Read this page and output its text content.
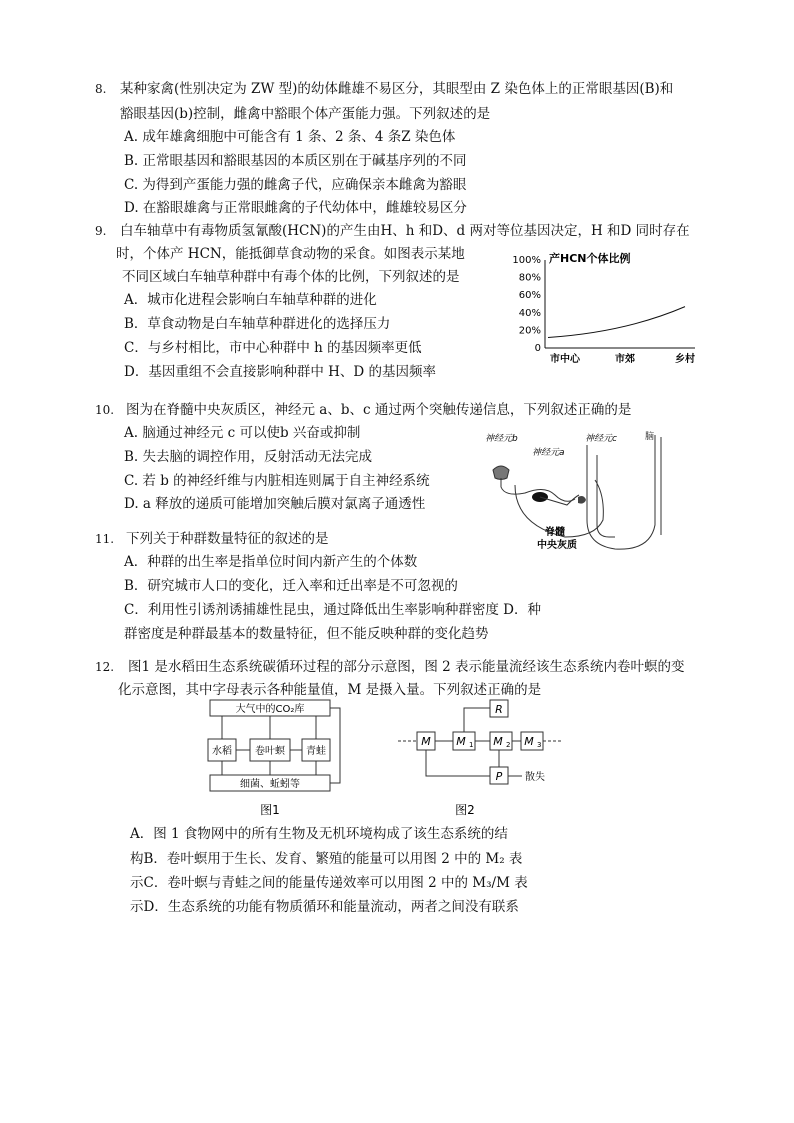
8. 某种家禽(性别决定为 ZW 型)的幼体雌雄不易区分，其眼型由 Z 染色体上的正常眼基因(B)和
豁眼基因(b)控制，雌禽中豁眼个体产蛋能力强。下列叙述的是
A. 成年雄禽细胞中可能含有 1 条、2 条、4 条Z 染色体
B. 正常眼基因和豁眼基因的本质区别在于碱基序列的不同
C. 为得到产蛋能力强的雌禽子代，应确保亲本雌禽为豁眼
D. 在豁眼雄禽与正常眼雌禽的子代幼体中，雌雄较易区分
9. 白车轴草中有毒物质氢氰酸(HCN)的产生由H、h 和D、d 两对等位基因决定，H 和D 同时存在
时，个体产 HCN，能抵御草食动物的采食。如图表示某地
不同区域白车轴草种群中有毒个体的比例，下列叙述的是
A．城市化进程会影响白车轴草种群的进化
B．草食动物是白车轴草种群进化的选择压力
C．与乡村相比，市中心种群中 h 的基因频率更低
D．基因重组不会直接影响种群中 H、D 的基因频率
产HCN个体比例
100%
80%
60%
40%
20%
0
市中心	市郊	乡村
10. 图为在脊髓中央灰质区，神经元 a、b、c 通过两个突触传递信息，下列叙述正确的是
A. 脑通过神经元 c 可以使b 兴奋或抑制
B. 失去脑的调控作用，反射活动无法完成
C. 若 b 的神经纤维与内脏相连则属于自主神经系统
D. a 释放的递质可能增加突触后膜对氯离子通透性
神经元b
神经元a
神经元c	脑
脊髓
中央灰质
11. 下列关于种群数量特征的叙述的是
A．种群的出生率是指单位时间内新产生的个体数
B．研究城市人口的变化，迁入率和迁出率是不可忽视的
C．利用性引诱剂诱捕雄性昆虫，通过降低出生率影响种群密度 D．种
群密度是种群最基本的数量特征，但不能反映种群的变化趋势
12. 图1 是水稻田生态系统碳循环过程的部分示意图，图 2 表示能量流经该生态系统内卷叶螟的变
化示意图，其中字母表示各种能量值，M 是摄入量。下列叙述正确的是
大气中的CO₂库
水稻 卷叶螟 青蛙
细菌、蚯蚓等
图1
M M 1 M 2 M 3
R
P 散失
图2
A．图 1 食物网中的所有生物及无机环境构成了该生态系统的结
构B．卷叶螟用于生长、发育、繁殖的能量可以用图 2 中的 M₂ 表
示C．卷叶螟与青蛙之间的能量传递效率可以用图 2 中的 M₃/M 表
示D．生态系统的功能有物质循环和能量流动，两者之间没有联系
